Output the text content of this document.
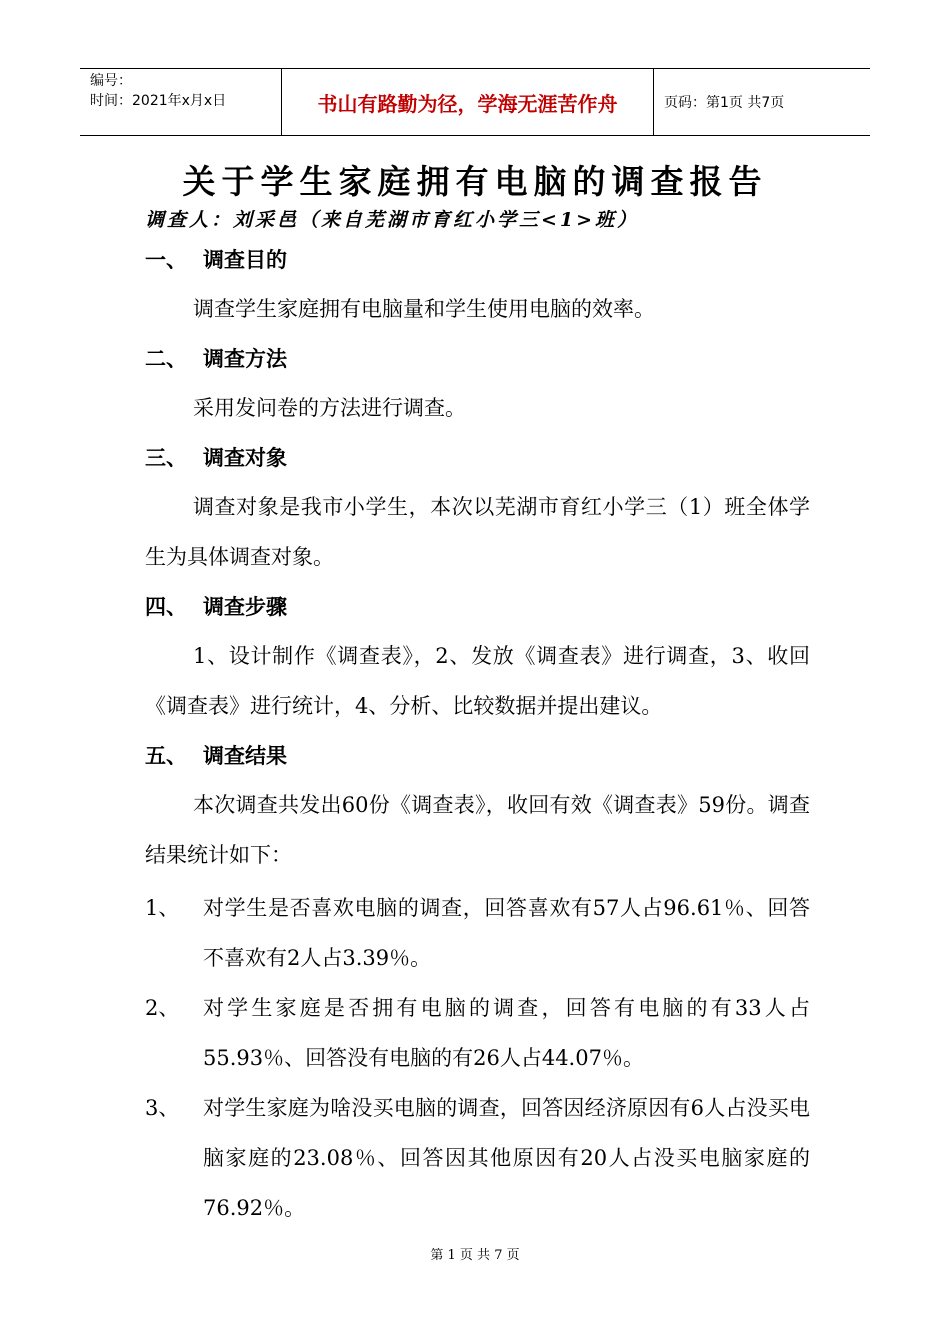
编号：
时间：2021年x月x日	书山有路勤为径，学海无涯苦作舟	页码：第1页 共7页
关于学生家庭拥有电脑的调查报告
调查人：刘采邑（来自芜湖市育红小学三<1>班）
一、 调查目的

调查学生家庭拥有电脑量和学生使用电脑的效率。

二、 调查方法

采用发问卷的方法进行调查。

三、 调查对象

调查对象是我市小学生，本次以芜湖市育红小学三（1）班全体学生为具体调查对象。

四、 调查步骤

1、设计制作《调查表》，2、发放《调查表》进行调查，3、收回《调查表》进行统计，4、分析、比较数据并提出建议。

五、 调查结果

本次调查共发出60份《调查表》，收回有效《调查表》59份。调查结果统计如下：

1、	对学生是否喜欢电脑的调查，回答喜欢有57人占96.61％、回答不喜欢有2人占3.39％。
2、	对学生家庭是否拥有电脑的调查，回答有电脑的有33人占55.93％、回答没有电脑的有26人占44.07％。
3、	对学生家庭为啥没买电脑的调查，回答因经济原因有6人占没买电脑家庭的23.08％、回答因其他原因有20人占没买电脑家庭的76.92％。
第 1 页 共 7 页
